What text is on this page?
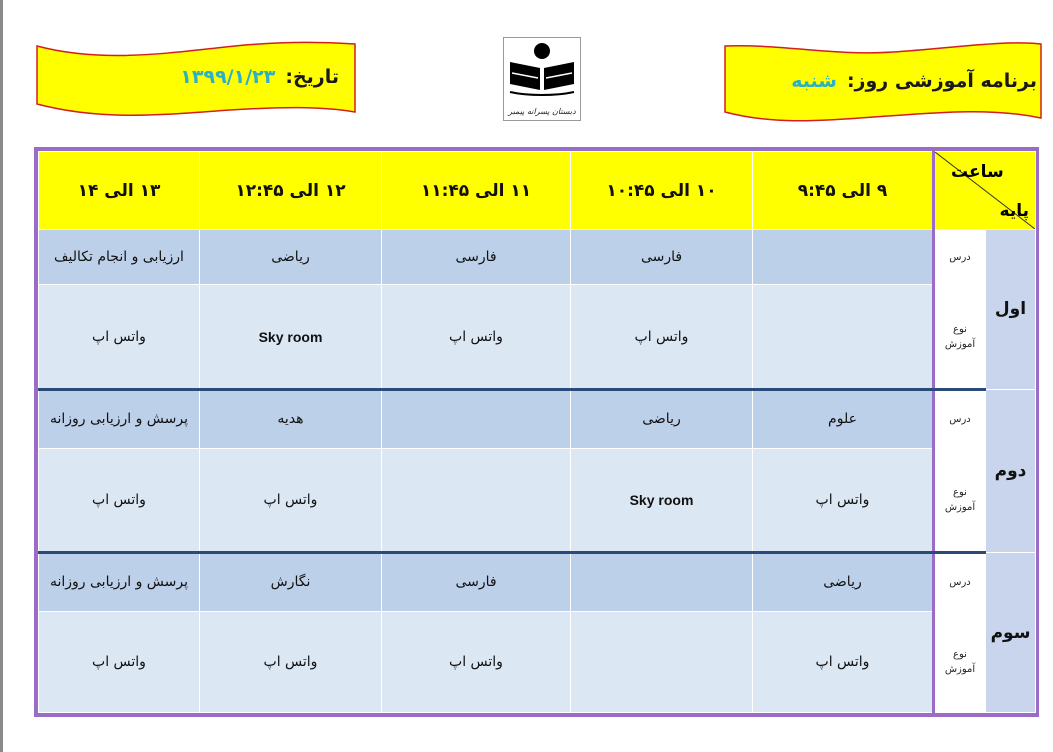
تاریخ:
۱۳۹۹/۱/۲۳
دبستان پسرانه پیمبر
برنامه آموزشی روز:
شنبه
ساعت
پایه		۹ الی ۹:۴۵	۱۰ الی ۱۰:۴۵	۱۱ الی ۱۱:۴۵	۱۲ الی ۱۲:۴۵	۱۳ الی ۱۴
اول	درس		فارسی	فارسی	ریاضی	ارزیابی و انجام تکالیف

	نوع
آموزش		واتس اپ	واتس اپ	Sky room	واتس اپ
دوم	درس	علوم	ریاضی		هدیه	پرسش و ارزیابی روزانه

	نوع
آموزش	واتس اپ	Sky room		واتس اپ	واتس اپ
سوم	درس	ریاضی		فارسی	نگارش	پرسش و ارزیابی روزانه

	نوع
آموزش	واتس اپ		واتس اپ	واتس اپ	واتس اپ
